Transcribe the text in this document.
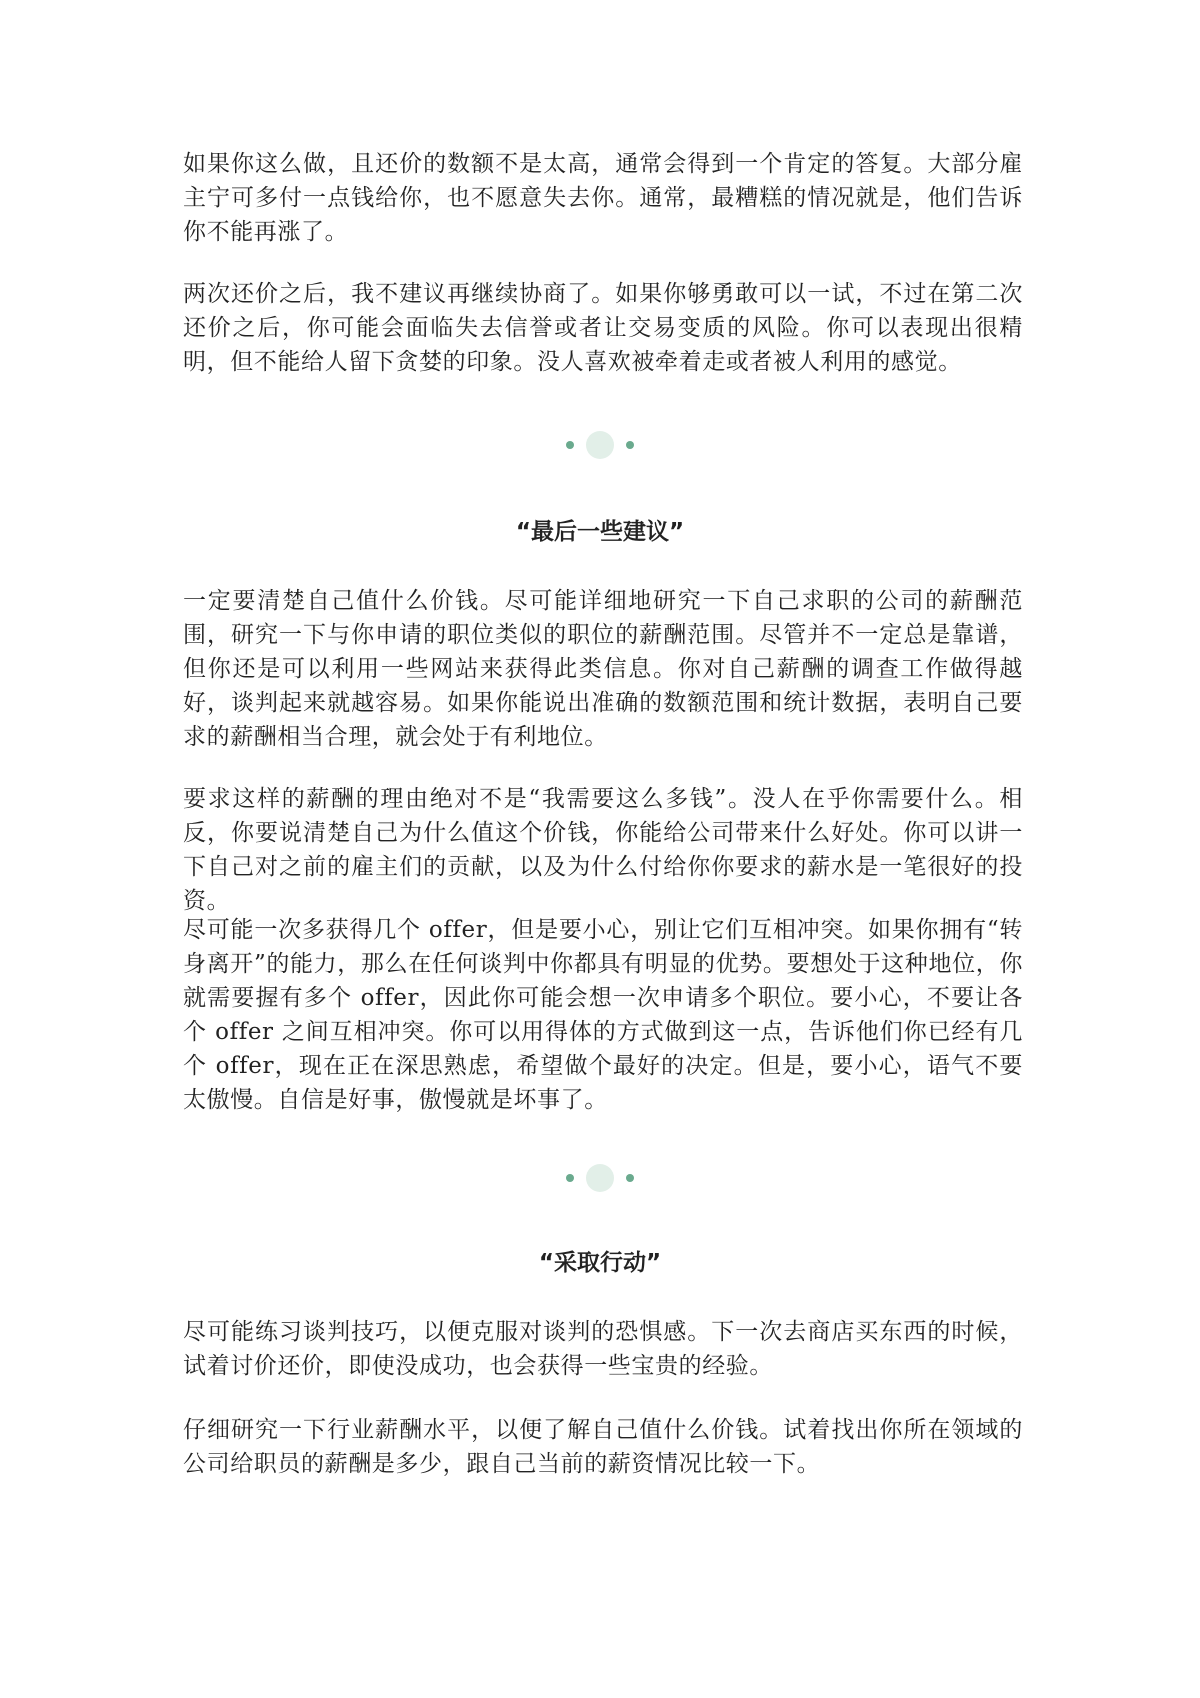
如果你这么做，且还价的数额不是太高，通常会得到一个肯定的答复。大部分雇主宁可多付一点钱给你，也不愿意失去你。通常，最糟糕的情况就是，他们告诉你不能再涨了。

两次还价之后，我不建议再继续协商了。如果你够勇敢可以一试，不过在第二次还价之后，你可能会面临失去信誉或者让交易变质的风险。你可以表现出很精明，但不能给人留下贪婪的印象。没人喜欢被牵着走或者被人利用的感觉。

“最后一些建议”

一定要清楚自己值什么价钱。尽可能详细地研究一下自己求职的公司的薪酬范围，研究一下与你申请的职位类似的职位的薪酬范围。尽管并不一定总是靠谱，但你还是可以利用一些网站来获得此类信息。你对自己薪酬的调查工作做得越好，谈判起来就越容易。如果你能说出准确的数额范围和统计数据，表明自己要求的薪酬相当合理，就会处于有利地位。

要求这样的薪酬的理由绝对不是“我需要这么多钱”。没人在乎你需要什么。相反，你要说清楚自己为什么值这个价钱，你能给公司带来什么好处。你可以讲一下自己对之前的雇主们的贡献，以及为什么付给你你要求的薪水是一笔很好的投资。

尽可能一次多获得几个 offer，但是要小心，别让它们互相冲突。如果你拥有“转身离开”的能力，那么在任何谈判中你都具有明显的优势。要想处于这种地位，你就需要握有多个 offer，因此你可能会想一次申请多个职位。要小心，不要让各个 offer 之间互相冲突。你可以用得体的方式做到这一点，告诉他们你已经有几个 offer，现在正在深思熟虑，希望做个最好的决定。但是，要小心，语气不要太傲慢。自信是好事，傲慢就是坏事了。

“采取行动”

尽可能练习谈判技巧，以便克服对谈判的恐惧感。下一次去商店买东西的时候，试着讨价还价，即使没成功，也会获得一些宝贵的经验。

仔细研究一下行业薪酬水平，以便了解自己值什么价钱。试着找出你所在领域的公司给职员的薪酬是多少，跟自己当前的薪资情况比较一下。
